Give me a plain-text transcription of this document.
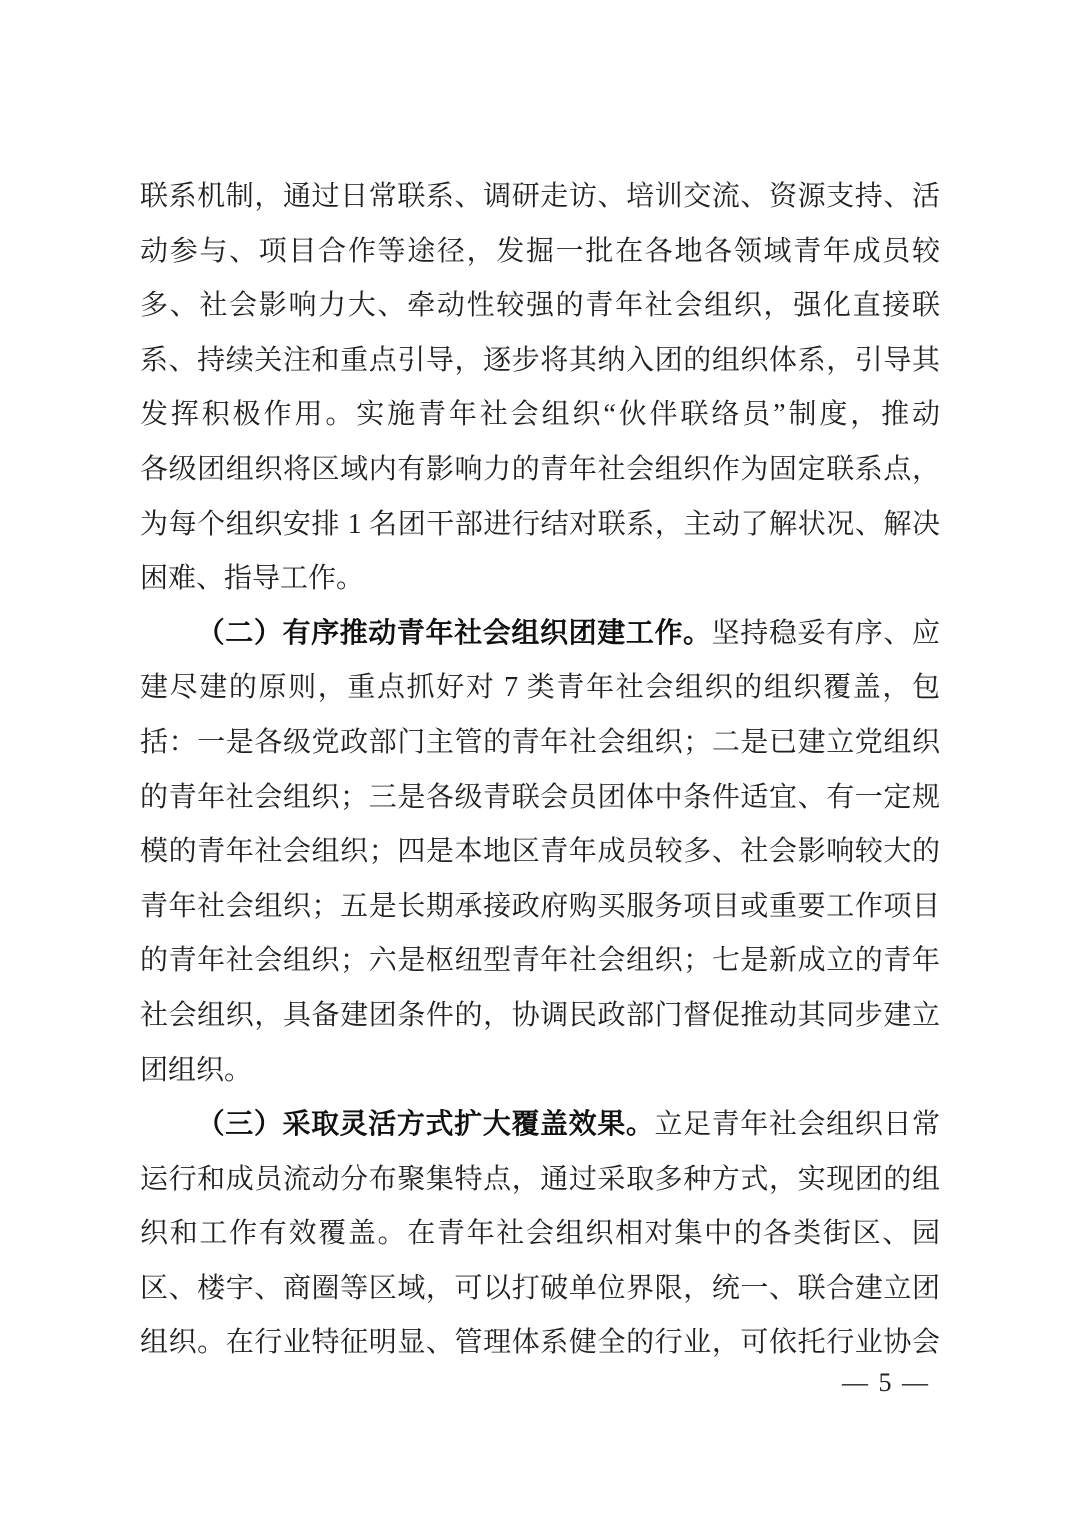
联系机制，通过日常联系、调研走访、培训交流、资源支持、活
动参与、项目合作等途径，发掘一批在各地各领域青年成员较
多、社会影响力大、牵动性较强的青年社会组织，强化直接联
系、持续关注和重点引导，逐步将其纳入团的组织体系，引导其
发挥积极作用。实施青年社会组织“伙伴联络员”制度，推动
各级团组织将区域内有影响力的青年社会组织作为固定联系点，
为每个组织安排 1 名团干部进行结对联系，主动了解状况、解决
困难、指导工作。
（二）有序推动青年社会组织团建工作。坚持稳妥有序、应
建尽建的原则，重点抓好对 7 类青年社会组织的组织覆盖，包
括：一是各级党政部门主管的青年社会组织；二是已建立党组织
的青年社会组织；三是各级青联会员团体中条件适宜、有一定规
模的青年社会组织；四是本地区青年成员较多、社会影响较大的
青年社会组织；五是长期承接政府购买服务项目或重要工作项目
的青年社会组织；六是枢纽型青年社会组织；七是新成立的青年
社会组织，具备建团条件的，协调民政部门督促推动其同步建立
团组织。
（三）采取灵活方式扩大覆盖效果。立足青年社会组织日常
运行和成员流动分布聚集特点，通过采取多种方式，实现团的组
织和工作有效覆盖。在青年社会组织相对集中的各类街区、园
区、楼宇、商圈等区域，可以打破单位界限，统一、联合建立团
组织。在行业特征明显、管理体系健全的行业，可依托行业协会
— 5 —
